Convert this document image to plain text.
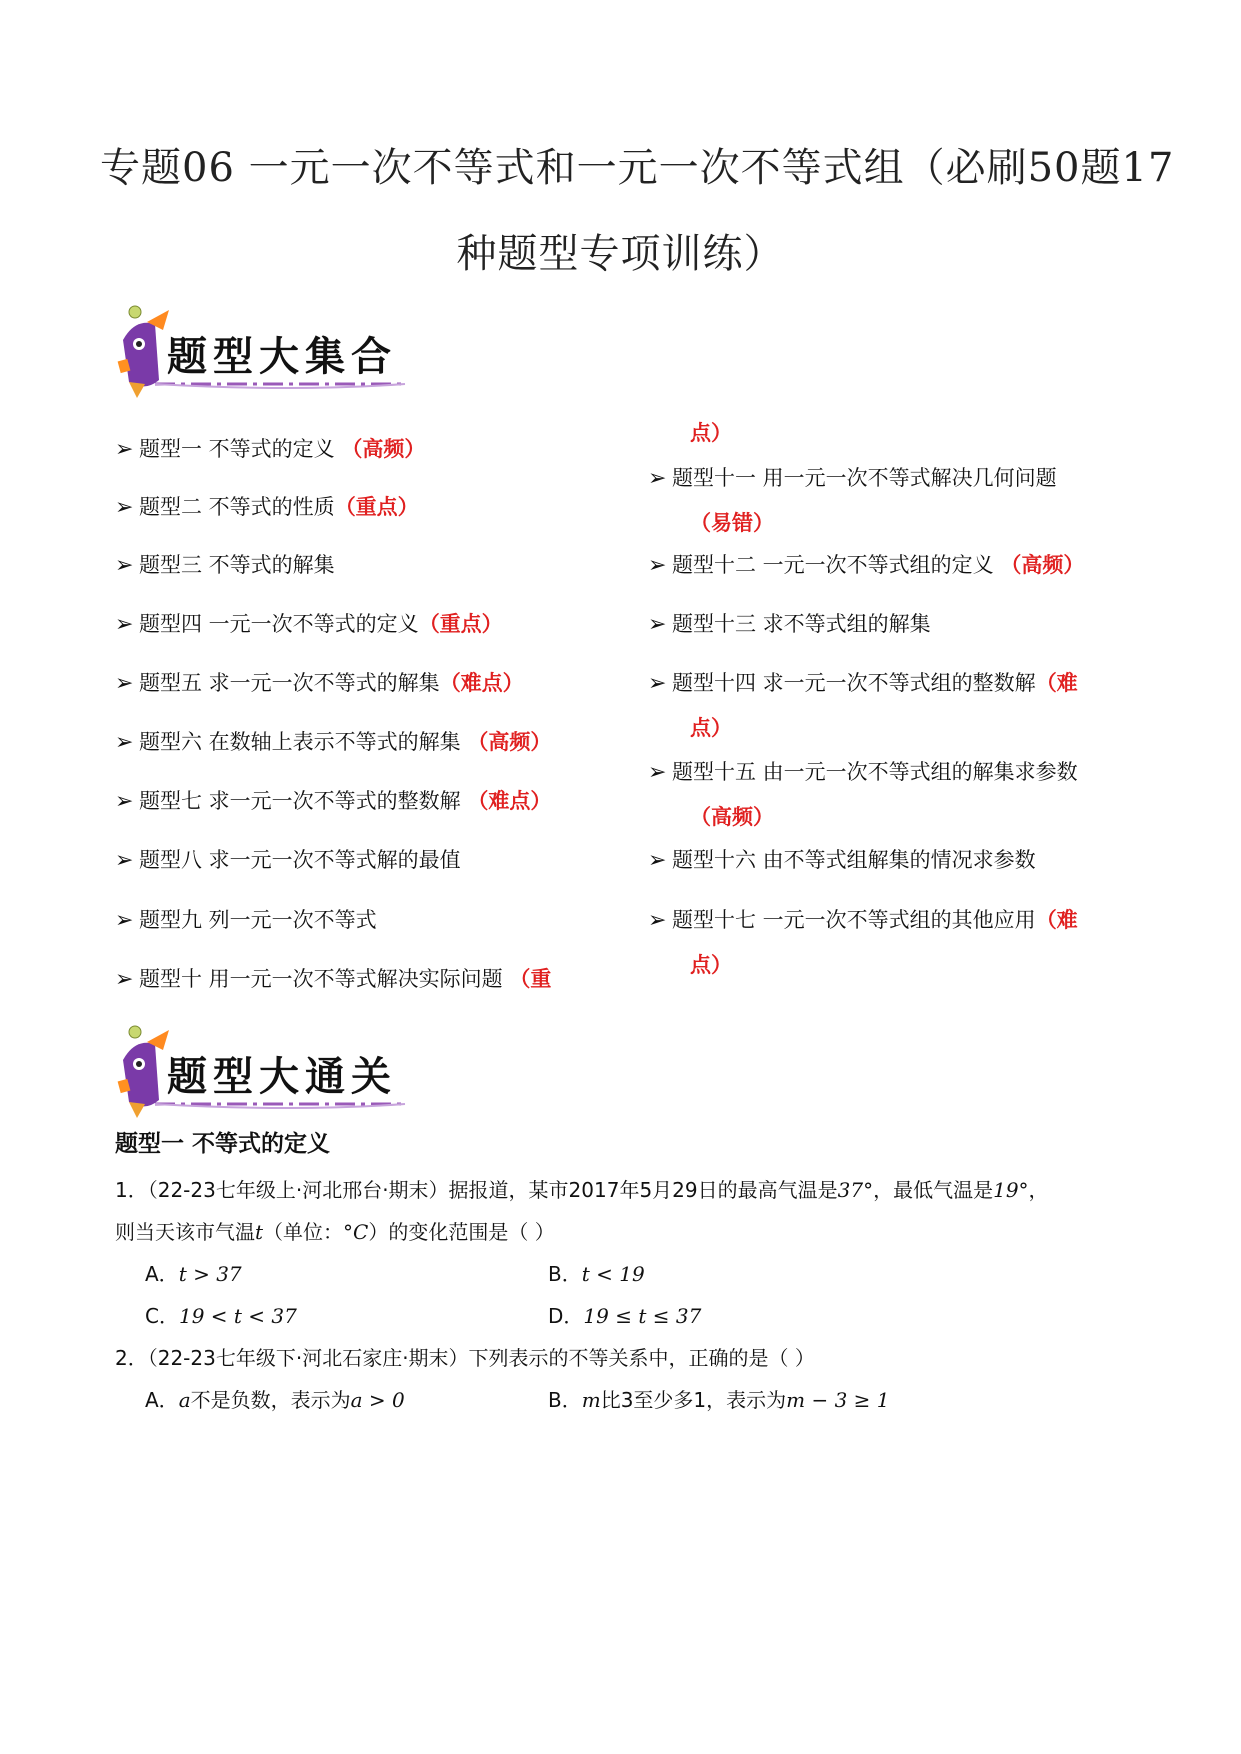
专题06 一元一次不等式和一元一次不等式组（必刷50题17
种题型专项训练）
题型大集合
➢ 题型一 不等式的定义 （高频）
➢ 题型二 不等式的性质（重点）
➢ 题型三 不等式的解集
➢ 题型四 一元一次不等式的定义（重点）
➢ 题型五 求一元一次不等式的解集（难点）
➢ 题型六 在数轴上表示不等式的解集 （高频）
➢ 题型七 求一元一次不等式的整数解 （难点）
➢ 题型八 求一元一次不等式解的最值
➢ 题型九 列一元一次不等式
➢ 题型十 用一元一次不等式解决实际问题 （重
点）
➢ 题型十一 用一元一次不等式解决几何问题
（易错）
➢ 题型十二 一元一次不等式组的定义 （高频）
➢ 题型十三 求不等式组的解集
➢ 题型十四 求一元一次不等式组的整数解（难
点）
➢ 题型十五 由一元一次不等式组的解集求参数
（高频）
➢ 题型十六 由不等式组解集的情况求参数
➢ 题型十七 一元一次不等式组的其他应用（难
点）
题型大通关
题型一 不等式的定义
1．（22-23七年级上·河北邢台·期末）据报道，某市2017年5月29日的最高气温是37°，最低气温是19°，
则当天该市气温t（单位：°C）的变化范围是（ ）
A．t > 37	B．t < 19
C．19 < t < 37	D．19 ≤ t ≤ 37
2．（22-23七年级下·河北石家庄·期末）下列表示的不等关系中，正确的是（ ）
A．a不是负数，表示为a > 0	B．m比3至少多1，表示为m − 3 ≥ 1
